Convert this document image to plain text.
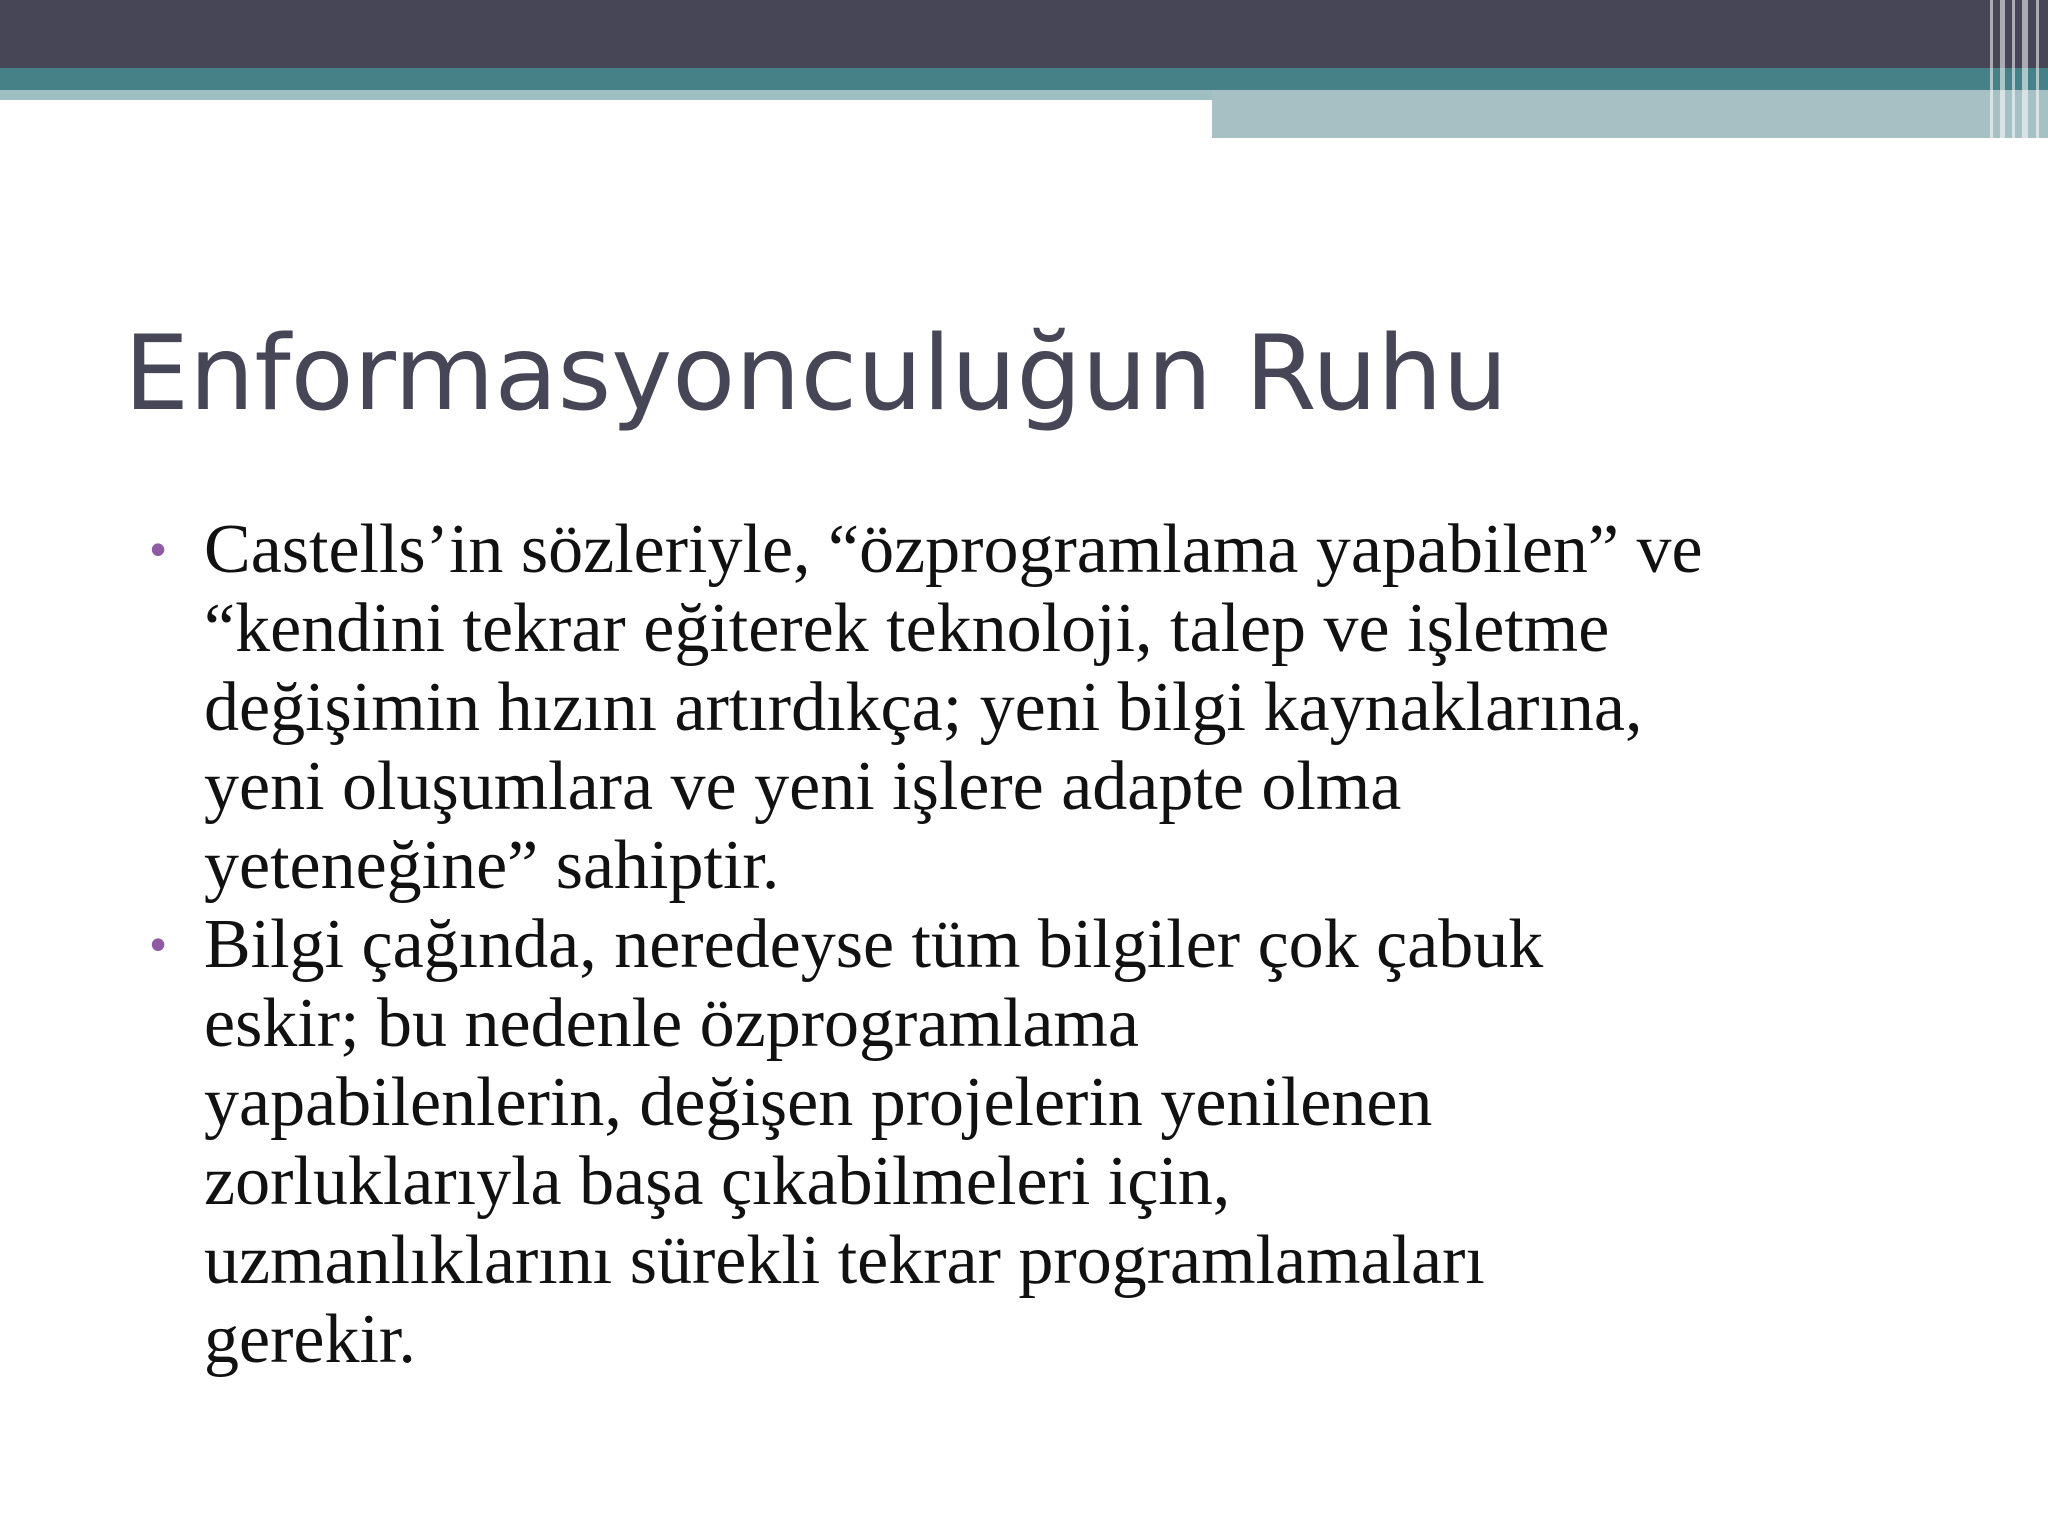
Enformasyonculuğun Ruhu
• Castells’in sözleriyle, “özprogramlama yapabilen” ve
“kendini tekrar eğiterek teknoloji, talep ve işletme
değişimin hızını artırdıkça; yeni bilgi kaynaklarına,
yeni oluşumlara ve yeni işlere adapte olma
yeteneğine” sahiptir.
• Bilgi çağında, neredeyse tüm bilgiler çok çabuk
eskir; bu nedenle özprogramlama
yapabilenlerin, değişen projelerin yenilenen
zorluklarıyla başa çıkabilmeleri için,
uzmanlıklarını sürekli tekrar programlamaları
gerekir.
